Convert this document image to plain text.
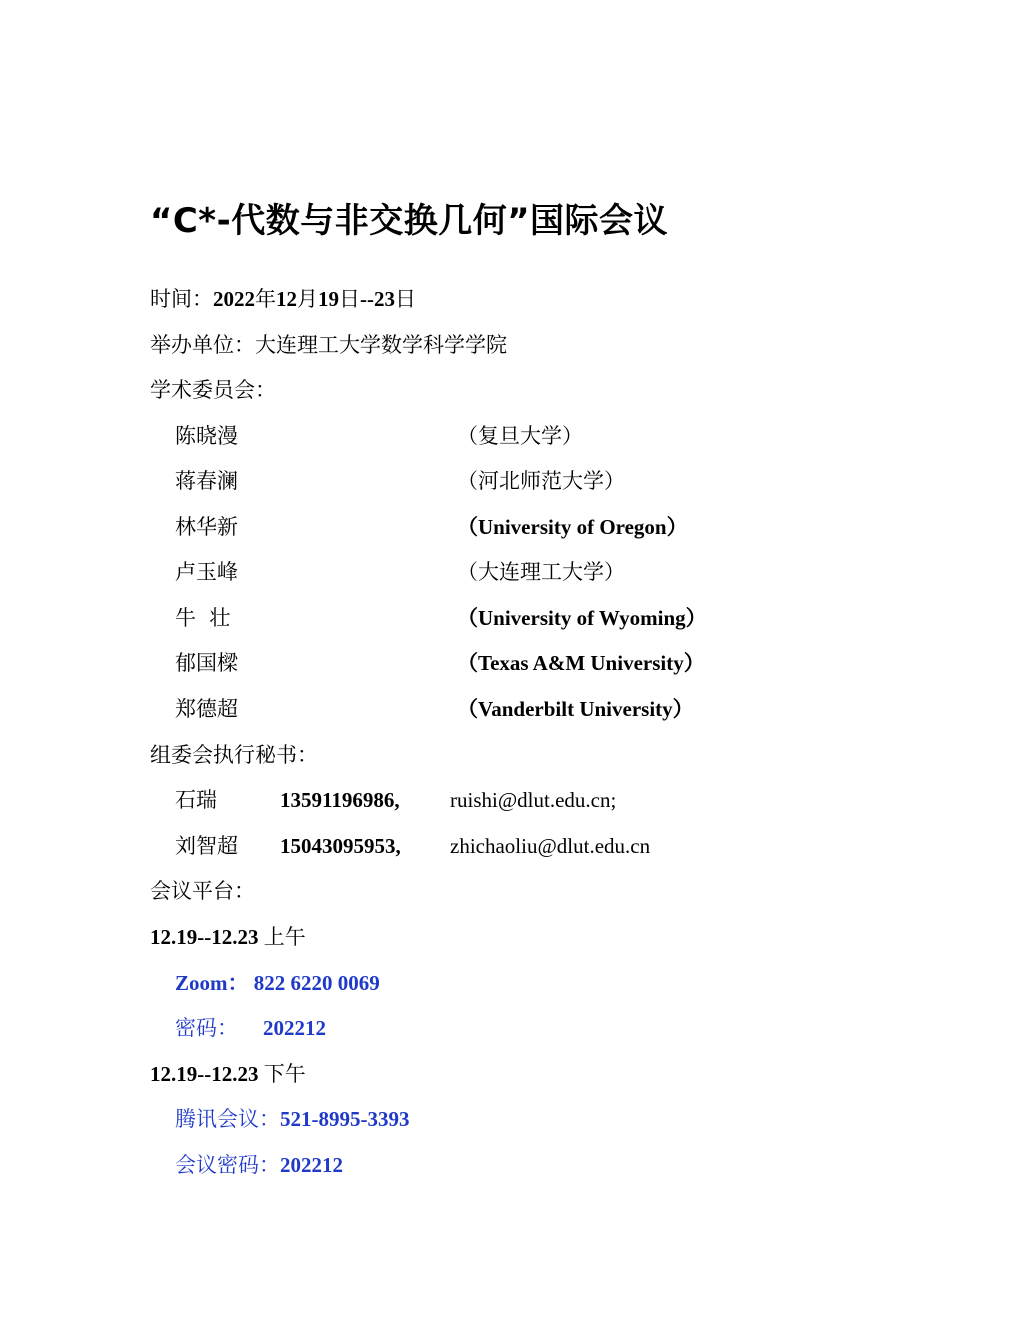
“C*-代数与非交换几何”国际会议
时间：2022年12月19日--23日
举办单位：大连理工大学数学科学学院
学术委员会：
陈晓漫	（复旦大学）
蒋春澜	（河北师范大学）
林华新	（University of Oregon）
卢玉峰	（大连理工大学）
牛  壮	（University of Wyoming）
郁国樑	（Texas A&M University）
郑德超	（Vanderbilt University）
组委会执行秘书：
石瑞	13591196986, ruishi@dlut.edu.cn;
刘智超 15043095953, zhichaoliu@dlut.edu.cn
会议平台：
12.19--12.23 上午
Zoom： 822 6220 0069
密码： 202212
12.19--12.23 下午
腾讯会议：521-8995-3393
会议密码：202212
